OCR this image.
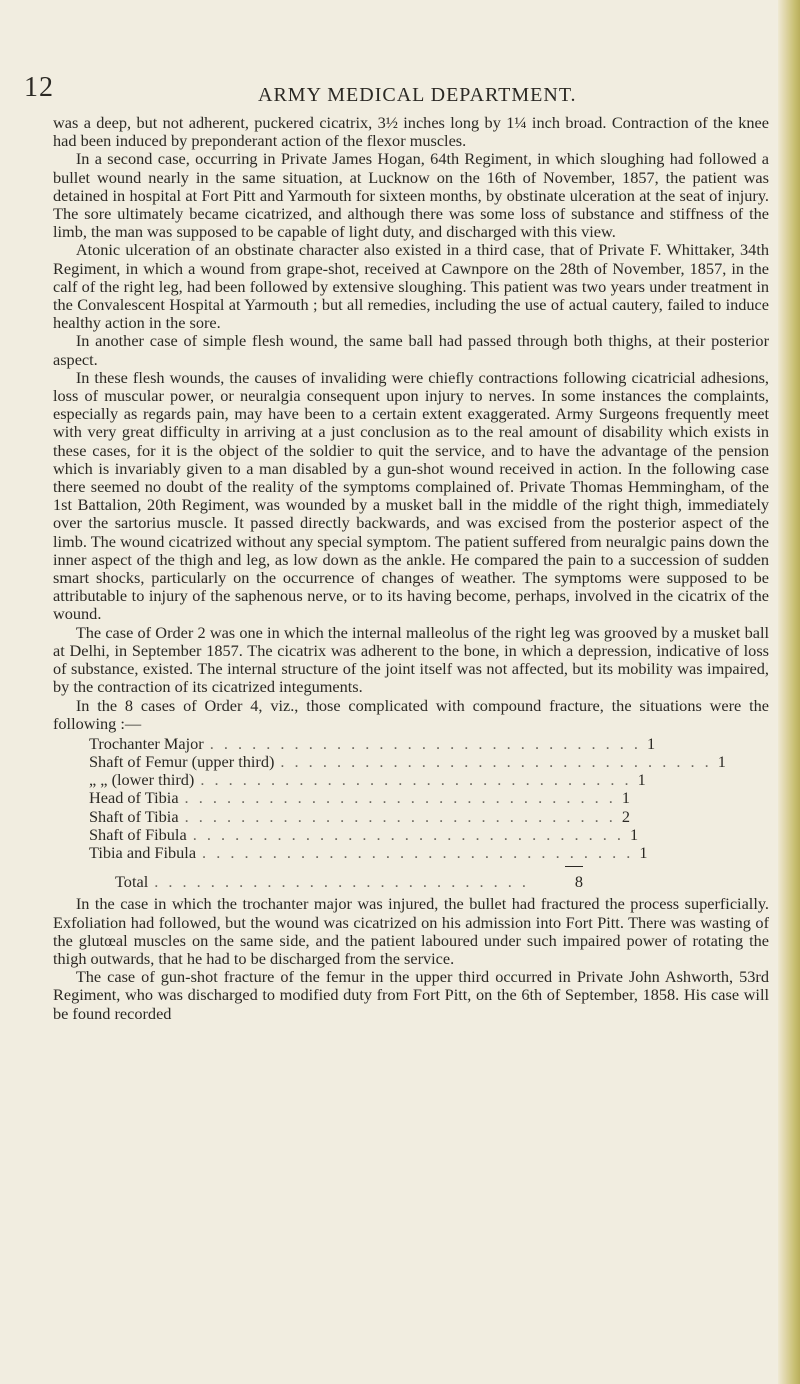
12	ARMY MEDICAL DEPARTMENT.

was a deep, but not adherent, puckered cicatrix, 3½ inches long by 1¼ inch broad. Contraction of the knee had been induced by preponderant action of the flexor muscles.

In a second case, occurring in Private James Hogan, 64th Regiment, in which sloughing had followed a bullet wound nearly in the same situation, at Lucknow on the 16th of November, 1857, the patient was detained in hospital at Fort Pitt and Yarmouth for sixteen months, by obstinate ulceration at the seat of injury. The sore ultimately became cicatrized, and although there was some loss of substance and stiffness of the limb, the man was supposed to be capable of light duty, and discharged with this view.

Atonic ulceration of an obstinate character also existed in a third case, that of Private F. Whittaker, 34th Regiment, in which a wound from grape-shot, received at Cawnpore on the 28th of November, 1857, in the calf of the right leg, had been followed by extensive sloughing. This patient was two years under treatment in the Convalescent Hospital at Yarmouth ; but all remedies, including the use of actual cautery, failed to induce healthy action in the sore.

In another case of simple flesh wound, the same ball had passed through both thighs, at their posterior aspect.

In these flesh wounds, the causes of invaliding were chiefly contractions following cicatricial adhesions, loss of muscular power, or neuralgia consequent upon injury to nerves. In some instances the complaints, especially as regards pain, may have been to a certain extent exaggerated. Army Surgeons frequently meet with very great difficulty in arriving at a just conclusion as to the real amount of disability which exists in these cases, for it is the object of the soldier to quit the service, and to have the advantage of the pension which is invariably given to a man disabled by a gun-shot wound received in action. In the following case there seemed no doubt of the reality of the symptoms complained of. Private Thomas Hemmingham, of the 1st Battalion, 20th Regiment, was wounded by a musket ball in the middle of the right thigh, immediately over the sartorius muscle. It passed directly backwards, and was excised from the posterior aspect of the limb. The wound cicatrized without any special symptom. The patient suffered from neuralgic pains down the inner aspect of the thigh and leg, as low down as the ankle. He compared the pain to a succession of sudden smart shocks, particularly on the occurrence of changes of weather. The symptoms were supposed to be attributable to injury of the saphenous nerve, or to its having become, perhaps, involved in the cicatrix of the wound.

The case of Order 2 was one in which the internal malleolus of the right leg was grooved by a musket ball at Delhi, in September 1857. The cicatrix was adherent to the bone, in which a depression, indicative of loss of substance, existed. The internal structure of the joint itself was not affected, but its mobility was impaired, by the contraction of its cicatrized integuments.

In the 8 cases of Order 4, viz., those complicated with compound fracture, the situations were the following :—

Trochanter Major . . . . . . . . . . . . . . . . . . . . . . . . . . . . . . . 1
Shaft of Femur (upper third) . . . . . . . . . . . . . . . . . . . . . . . . . . . . . . . 1
„ „ (lower third) . . . . . . . . . . . . . . . . . . . . . . . . . . . . . . . 1
Head of Tibia . . . . . . . . . . . . . . . . . . . . . . . . . . . . . . . 1
Shaft of Tibia . . . . . . . . . . . . . . . . . . . . . . . . . . . . . . . 2
Shaft of Fibula . . . . . . . . . . . . . . . . . . . . . . . . . . . . . . . 1
Tibia and Fibula . . . . . . . . . . . . . . . . . . . . . . . . . . . . . . . 1
Total . . . . . . . . . . . . . . . . . . . . . . . . . . .	8

In the case in which the trochanter major was injured, the bullet had fractured the process superficially. Exfoliation had followed, but the wound was cicatrized on his admission into Fort Pitt. There was wasting of the glutœal muscles on the same side, and the patient laboured under such impaired power of rotating the thigh outwards, that he had to be discharged from the service.

The case of gun-shot fracture of the femur in the upper third occurred in Private John Ashworth, 53rd Regiment, who was discharged to modified duty from Fort Pitt, on the 6th of September, 1858. His case will be found recorded
